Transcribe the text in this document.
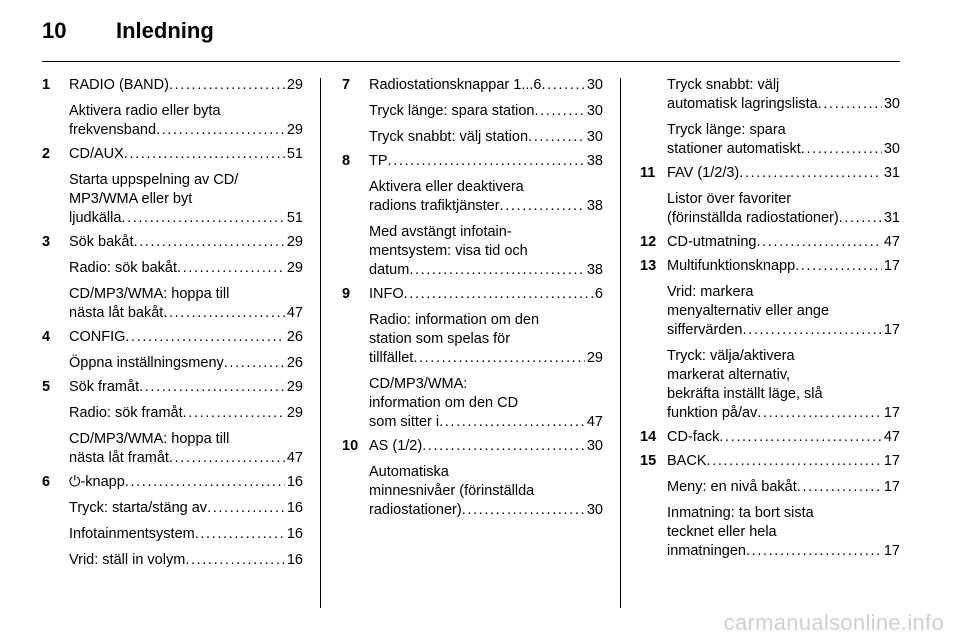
10	Inledning
1	RADIO (BAND) . . .	29
Aktivera radio eller byta
frekvensband . . .	29
2	CD/AUX . . .	51
Starta uppspelning av CD/
MP3/WMA eller byt
ljudkälla . . .	51
3	Sök bakåt . . .	29
Radio: sök bakåt . . .	29
CD/MP3/WMA: hoppa till
nästa låt bakåt . . .	47
4	CONFIG . . .	26
Öppna inställningsmeny . . .	26
5	Sök framåt . . .	29
Radio: sök framåt . . .	29
CD/MP3/WMA: hoppa till
nästa låt framåt . . .	47
6	⏻-knapp . . .	16
Tryck: starta/stäng av . . .	16
Infotainmentsystem . . .	16
Vrid: ställ in volym . . .	16
7	Radiostationsknappar 1...6 . . .	30
Tryck länge: spara station . . .	30
Tryck snabbt: välj station . . .	30
8	TP . . .	38
Aktivera eller deaktivera
radions trafiktjänster . . .	38
Med avstängt infotain-
mentsystem: visa tid och
datum . . .	38
9	INFO . . .	6
Radio: information om den
station som spelas för
tillfället . . .	29
CD/MP3/WMA:
information om den CD
som sitter i . . .	47
10 AS (1/2) . . .	30
Automatiska
minnesnivåer (förinställda
radiostationer) . . .	30
Tryck snabbt: välj
automatisk lagringslista . . .	30
Tryck länge: spara
stationer automatiskt . . .	30
11 FAV (1/2/3) . . .	31
Listor över favoriter
(förinställda radiostationer) . . .	31
12 CD-utmatning . . .	47
13 Multifunktionsknapp . . .	17
Vrid: markera
menyalternativ eller ange
siffervärden . . .	17
Tryck: välja/aktivera
markerat alternativ,
bekräfta inställt läge, slå
funktion på/av . . .	17
14 CD-fack . . .	47
15 BACK . . .	17
Meny: en nivå bakåt . . .	17
Inmatning: ta bort sista
tecknet eller hela
inmatningen . . .	17
carmanualsonline.info
